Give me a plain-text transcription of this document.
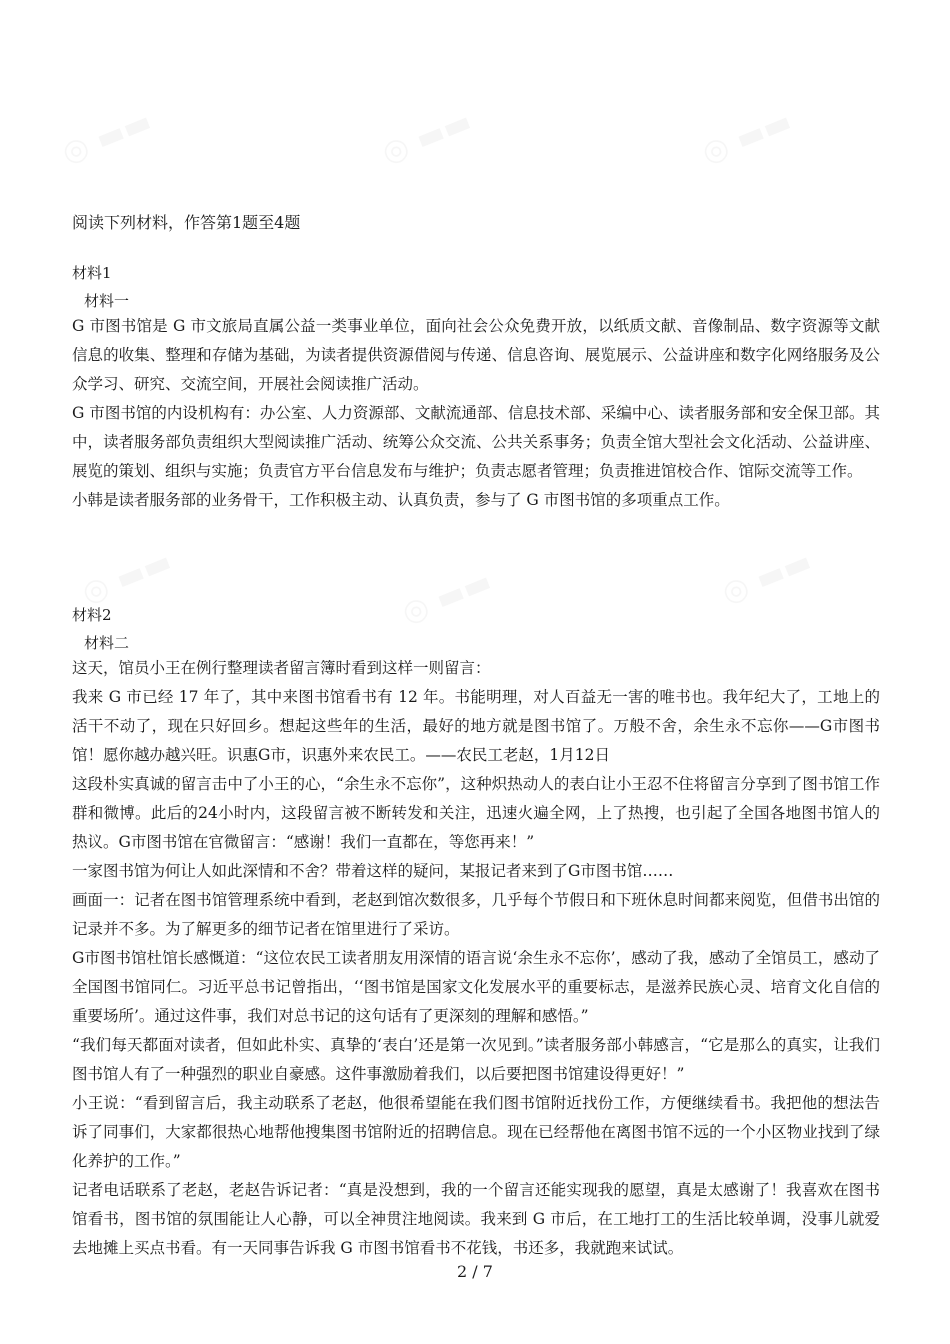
阅读下列材料，作答第1题至4题
材料1
材料一

G 市图书馆是 G 市文旅局直属公益一类事业单位，面向社会公众免费开放，以纸质文献、音像制品、数字资源等文献信息的收集、整理和存储为基础，为读者提供资源借阅与传递、信息咨询、展览展示、公益讲座和数字化网络服务及公众学习、研究、交流空间，开展社会阅读推广活动。

G 市图书馆的内设机构有：办公室、人力资源部、文献流通部、信息技术部、采编中心、读者服务部和安全保卫部。其中，读者服务部负责组织大型阅读推广活动、统筹公众交流、公共关系事务；负责全馆大型社会文化活动、公益讲座、展览的策划、组织与实施；负责官方平台信息发布与维护；负责志愿者管理；负责推进馆校合作、馆际交流等工作。

小韩是读者服务部的业务骨干，工作积极主动、认真负责，参与了 G 市图书馆的多项重点工作。

材料2
材料二

这天，馆员小王在例行整理读者留言簿时看到这样一则留言：

我来 G 市已经 17 年了，其中来图书馆看书有 12 年。书能明理，对人百益无一害的唯书也。我年纪大了，工地上的活干不动了，现在只好回乡。想起这些年的生活，最好的地方就是图书馆了。万般不舍，余生永不忘你——G市图书馆！愿你越办越兴旺。识惠G市，识惠外来农民工。——农民工老赵，1月12日

这段朴实真诚的留言击中了小王的心，“余生永不忘你”，这种炽热动人的表白让小王忍不住将留言分享到了图书馆工作群和微博。此后的24小时内，这段留言被不断转发和关注，迅速火遍全网，上了热搜，也引起了全国各地图书馆人的热议。G市图书馆在官微留言：“感谢！我们一直都在，等您再来！”

一家图书馆为何让人如此深情和不舍？带着这样的疑问，某报记者来到了G市图书馆……

画面一：记者在图书馆管理系统中看到，老赵到馆次数很多，几乎每个节假日和下班休息时间都来阅览，但借书出馆的记录并不多。为了解更多的细节记者在馆里进行了采访。

G市图书馆杜馆长感慨道：“这位农民工读者朋友用深情的语言说‘余生永不忘你’，感动了我，感动了全馆员工，感动了全国图书馆同仁。习近平总书记曾指出，‘‘图书馆是国家文化发展水平的重要标志，是滋养民族心灵、培育文化自信的重要场所’。通过这件事，我们对总书记的这句话有了更深刻的理解和感悟。”

“我们每天都面对读者，但如此朴实、真挚的‘表白’还是第一次见到。”读者服务部小韩感言，“它是那么的真实，让我们图书馆人有了一种强烈的职业自豪感。这件事激励着我们，以后要把图书馆建设得更好！”

小王说：“看到留言后，我主动联系了老赵，他很希望能在我们图书馆附近找份工作，方便继续看书。我把他的想法告诉了同事们，大家都很热心地帮他搜集图书馆附近的招聘信息。现在已经帮他在离图书馆不远的一个小区物业找到了绿化养护的工作。”

记者电话联系了老赵，老赵告诉记者：“真是没想到，我的一个留言还能实现我的愿望，真是太感谢了！我喜欢在图书馆看书，图书馆的氛围能让人心静，可以全神贯注地阅读。我来到 G 市后，在工地打工的生活比较单调，没事儿就爱去地摊上买点书看。有一天同事告诉我 G 市图书馆看书不花钱，书还多，我就跑来试试。

2 / 7
